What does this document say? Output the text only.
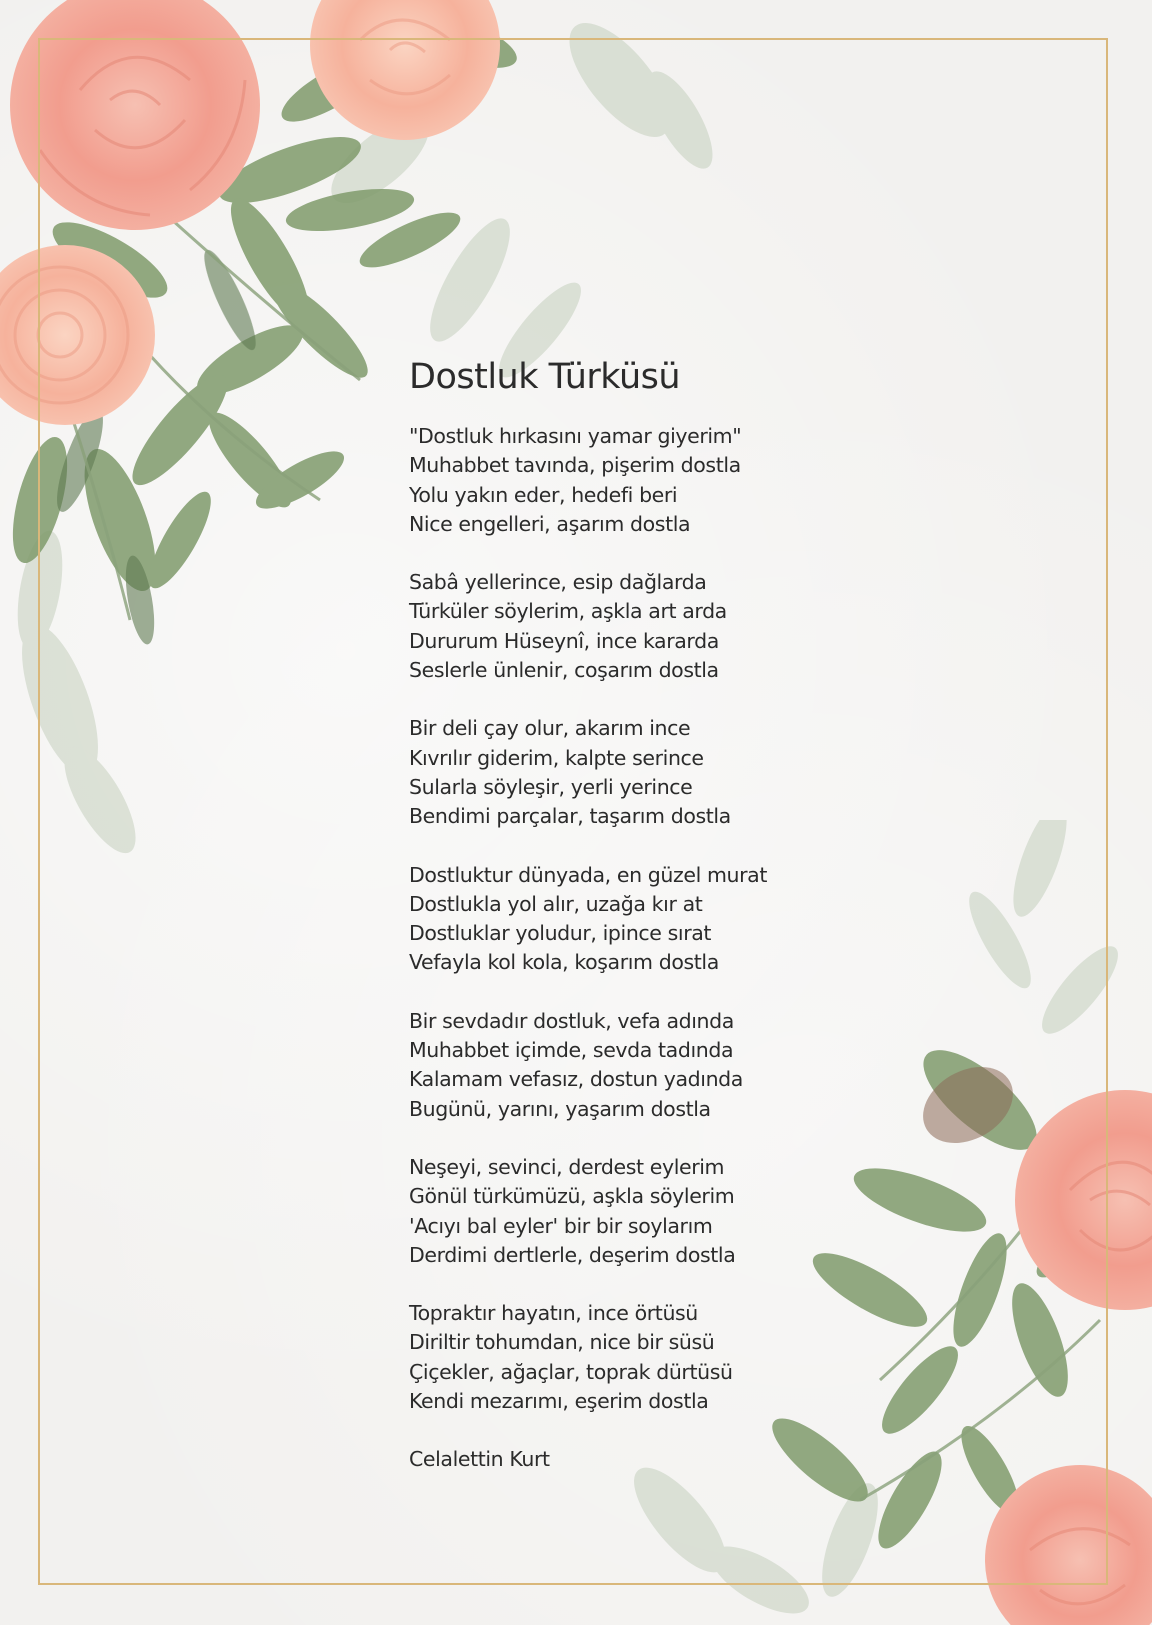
Dostluk Türküsü
"Dostluk hırkasını yamar giyerim"
Muhabbet tavında, pişerim dostla
Yolu yakın eder, hedefi beri
Nice engelleri, aşarım dostla
Sabâ yellerince, esip dağlarda
Türküler söylerim, aşkla art arda
Dururum Hüseynî, ince kararda
Seslerle ünlenir, coşarım dostla
Bir deli çay olur, akarım ince
Kıvrılır giderim, kalpte serince
Sularla söyleşir, yerli yerince
Bendimi parçalar, taşarım dostla
Dostluktur dünyada, en güzel murat
Dostlukla yol alır, uzağa kır at
Dostluklar yoludur, ipince sırat
Vefayla kol kola, koşarım dostla
Bir sevdadır dostluk, vefa adında
Muhabbet içimde, sevda tadında
Kalamam vefasız, dostun yadında
Bugünü, yarını, yaşarım dostla
Neşeyi, sevinci, derdest eylerim
Gönül türkümüzü, aşkla söylerim
'Acıyı bal eyler' bir bir soylarım
Derdimi dertlerle, deşerim dostla
Topraktır hayatın, ince örtüsü
Diriltir tohumdan, nice bir süsü
Çiçekler, ağaçlar, toprak dürtüsü
Kendi mezarımı, eşerim dostla
Celalettin Kurt
